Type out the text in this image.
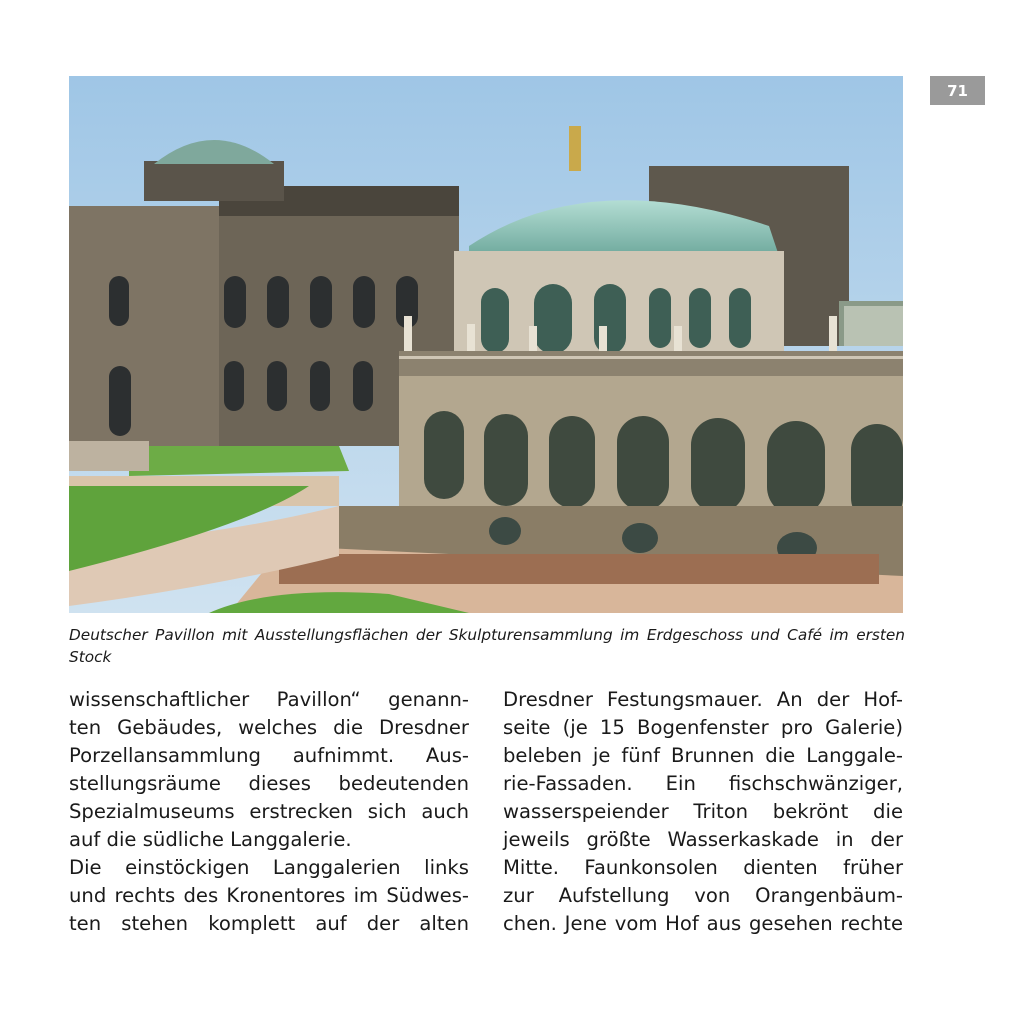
71
Deutscher Pavillon mit Ausstellungsflächen der Skulpturensammlung im Erdgeschoss und Café im ersten Stock
wissenschaftlicher Pavillon“ genann-
ten Gebäudes, welches die Dresdner
Porzellansammlung aufnimmt. Aus-
stellungsräume dieses bedeutenden
Spezialmuseums erstrecken sich auch
auf die südliche Langgalerie.
Die einstöckigen Langgalerien links
und rechts des Kronentores im Südwes-
ten stehen komplett auf der alten
Dresdner Festungsmauer. An der Hof-
seite (je 15 Bogenfenster pro Galerie)
beleben je fünf Brunnen die Langgale-
rie-Fassaden. Ein fischschwänziger,
wasserspeiender Triton bekrönt die
jeweils größte Wasserkaskade in der
Mitte. Faunkonsolen dienten früher
zur Aufstellung von Orangenbäum-
chen. Jene vom Hof aus gesehen rechte
